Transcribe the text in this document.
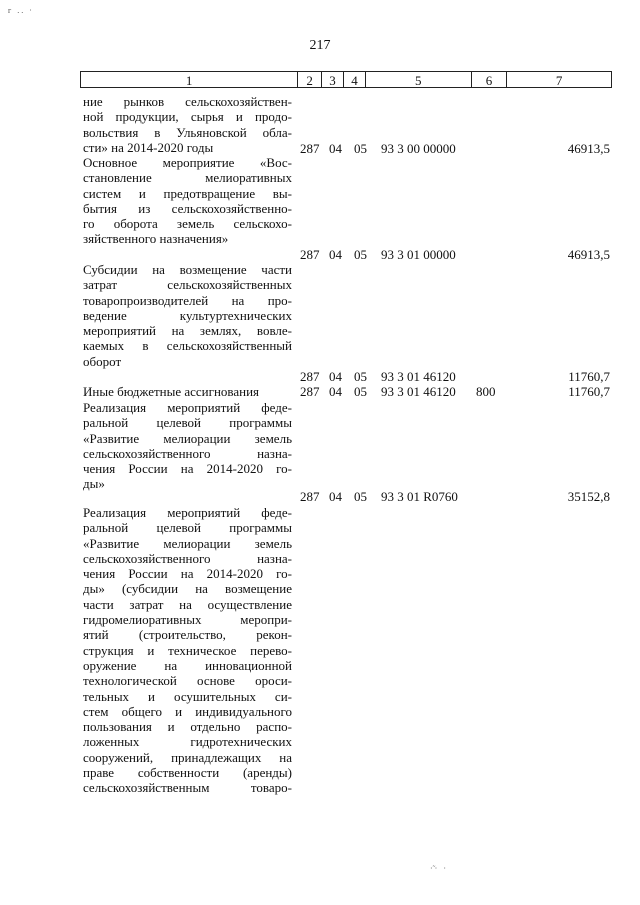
г .. ·
217
1	2	3	4	5	6	7
ние рынков сельскохозяйствен-
ной продукции, сырья и продо-
вольствия в Ульяновской обла-
сти» на 2014-2020 годы	287 04 05 93 3 00 00000	46913,5
Основное мероприятие «Вос-
становление мелиоративных
систем и предотвращение вы-
бытия из сельскохозяйственно-
го оборота земель сельскохо-
зяйственного назначения»
287 04 05 93 3 01 00000	46913,5
Субсидии на возмещение части
затрат сельскохозяйственных
товаропроизводителей на про-
ведение культуртехнических
мероприятий на землях, вовле-
каемых в сельскохозяйственный
оборот
287 04 05 93 3 01 46120	11760,7
Иные бюджетные ассигнования	287 04 05 93 3 01 46120 800	11760,7
Реализация мероприятий феде-
ральной целевой программы
«Развитие мелиорации земель
сельскохозяйственного назна-
чения России на 2014-2020 го-
ды»
287 04 05 93 3 01 R0760	35152,8
Реализация мероприятий феде-
ральной целевой программы
«Развитие мелиорации земель
сельскохозяйственного назна-
чения России на 2014-2020 го-
ды» (субсидии на возмещение
части затрат на осуществление
гидромелиоративных меропри-
ятий (строительство, рекон-
струкция и техническое перево-
оружение на инновационной
технологической основе ороси-
тельных и осушительных си-
стем общего и индивидуального
пользования и отдельно распо-
ложенных гидротехнических
сооружений, принадлежащих на
праве собственности (аренды)
сельскохозяйственным товаро-
·̃· ·
